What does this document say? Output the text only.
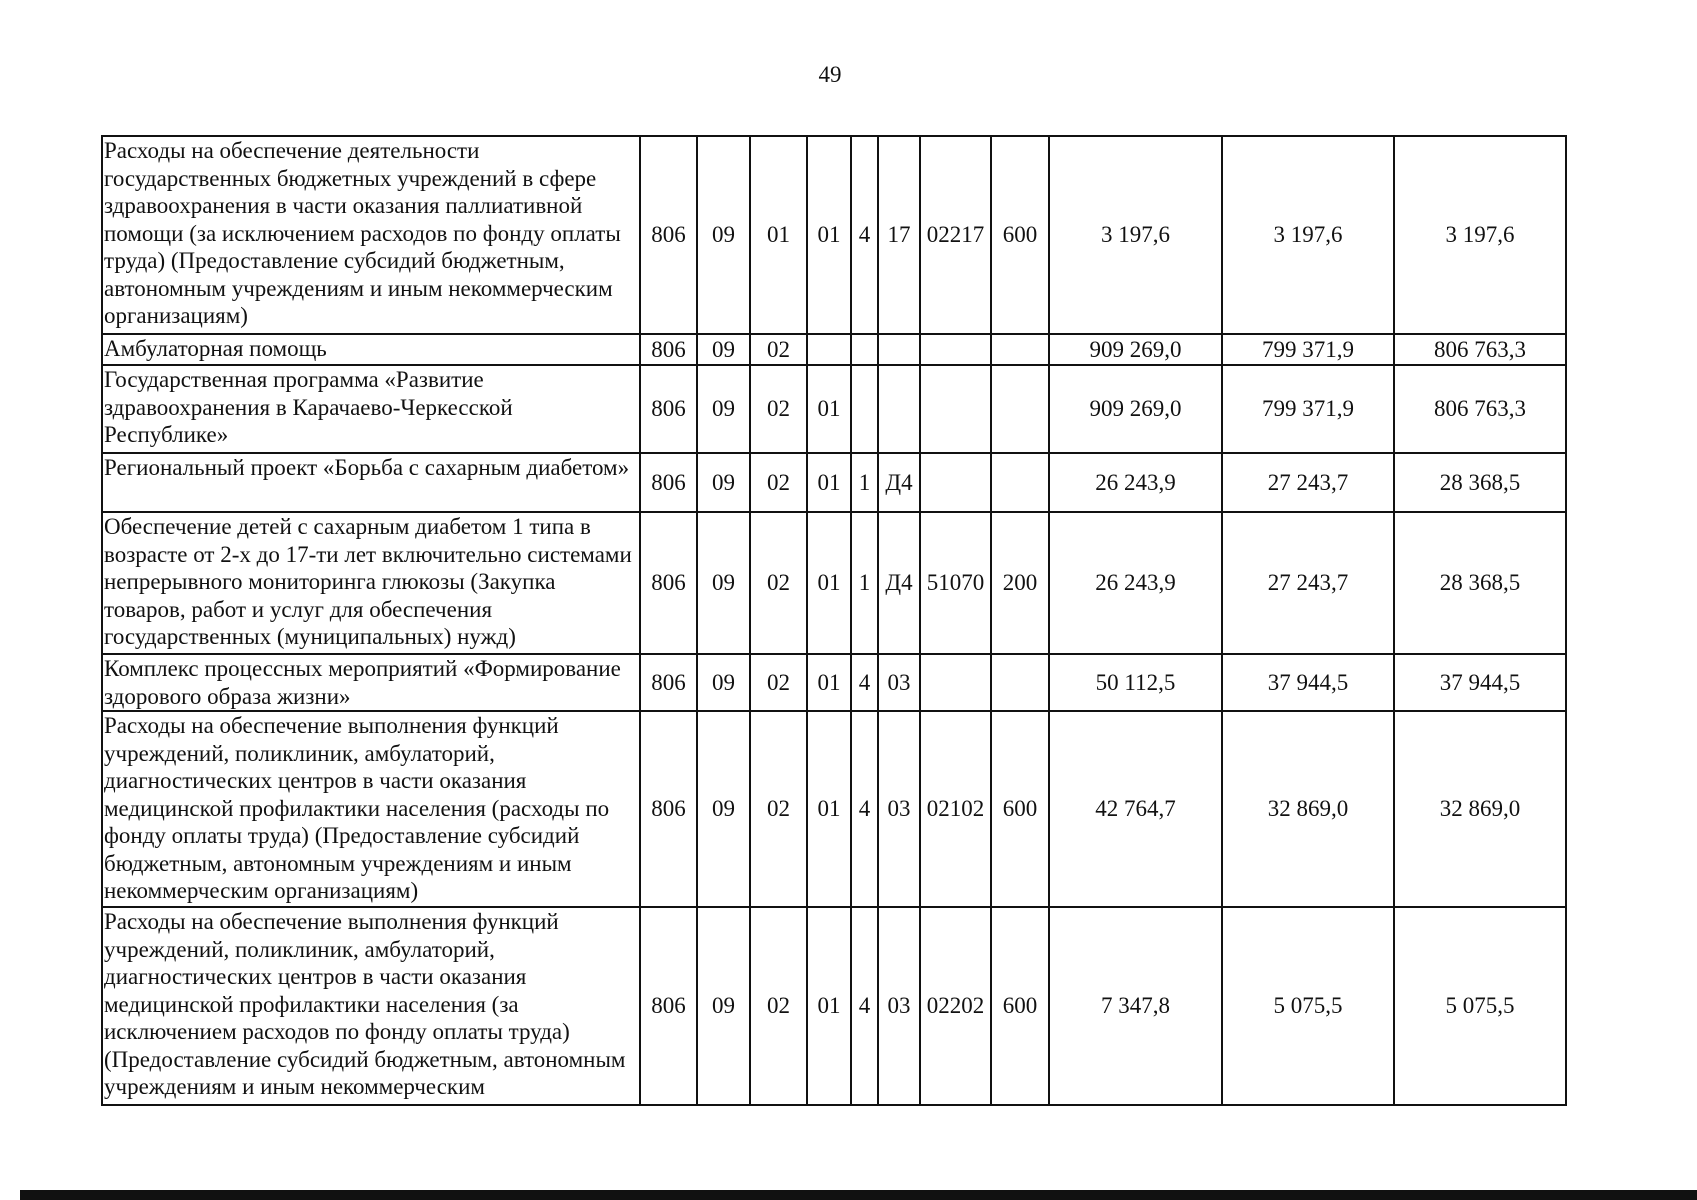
49
Расходы на обеспечение деятельности государственных бюджетных учреждений в сфере здравоохранения в части оказания паллиативной помощи (за исключением расходов по фонду оплаты труда) (Предоставление субсидий бюджетным, автономным учреждениям и иным некоммерческим организациям)	806	09	01	01	4	17	02217	600	3 197,6	3 197,6	3 197,6
Амбулаторная помощь	806	09	02						909 269,0	799 371,9	806 763,3
Государственная программа «Развитие здравоохранения в Карачаево-Черкесской Республике»	806	09	02	01					909 269,0	799 371,9	806 763,3
Региональный проект «Борьба с сахарным диабетом»	806	09	02	01	1	Д4			26 243,9	27 243,7	28 368,5
Обеспечение детей с сахарным диабетом 1 типа в возрасте от 2-х до 17-ти лет включительно системами непрерывного мониторинга глюкозы (Закупка товаров, работ и услуг для обеспечения государственных (муниципальных) нужд)	806	09	02	01	1	Д4	51070	200	26 243,9	27 243,7	28 368,5
Комплекс процессных мероприятий «Формирование здорового образа жизни»	806	09	02	01	4	03			50 112,5	37 944,5	37 944,5
Расходы на обеспечение выполнения функций учреждений, поликлиник, амбулаторий, диагностических центров в части оказания медицинской профилактики населения (расходы по фонду оплаты труда) (Предоставление субсидий бюджетным, автономным учреждениям и иным некоммерческим организациям)	806	09	02	01	4	03	02102	600	42 764,7	32 869,0	32 869,0
Расходы на обеспечение выполнения функций учреждений, поликлиник, амбулаторий, диагностических центров в части оказания медицинской профилактики населения (за исключением расходов по фонду оплаты труда) (Предоставление субсидий бюджетным, автономным учреждениям и иным некоммерческим	806	09	02	01	4	03	02202	600	7 347,8	5 075,5	5 075,5
